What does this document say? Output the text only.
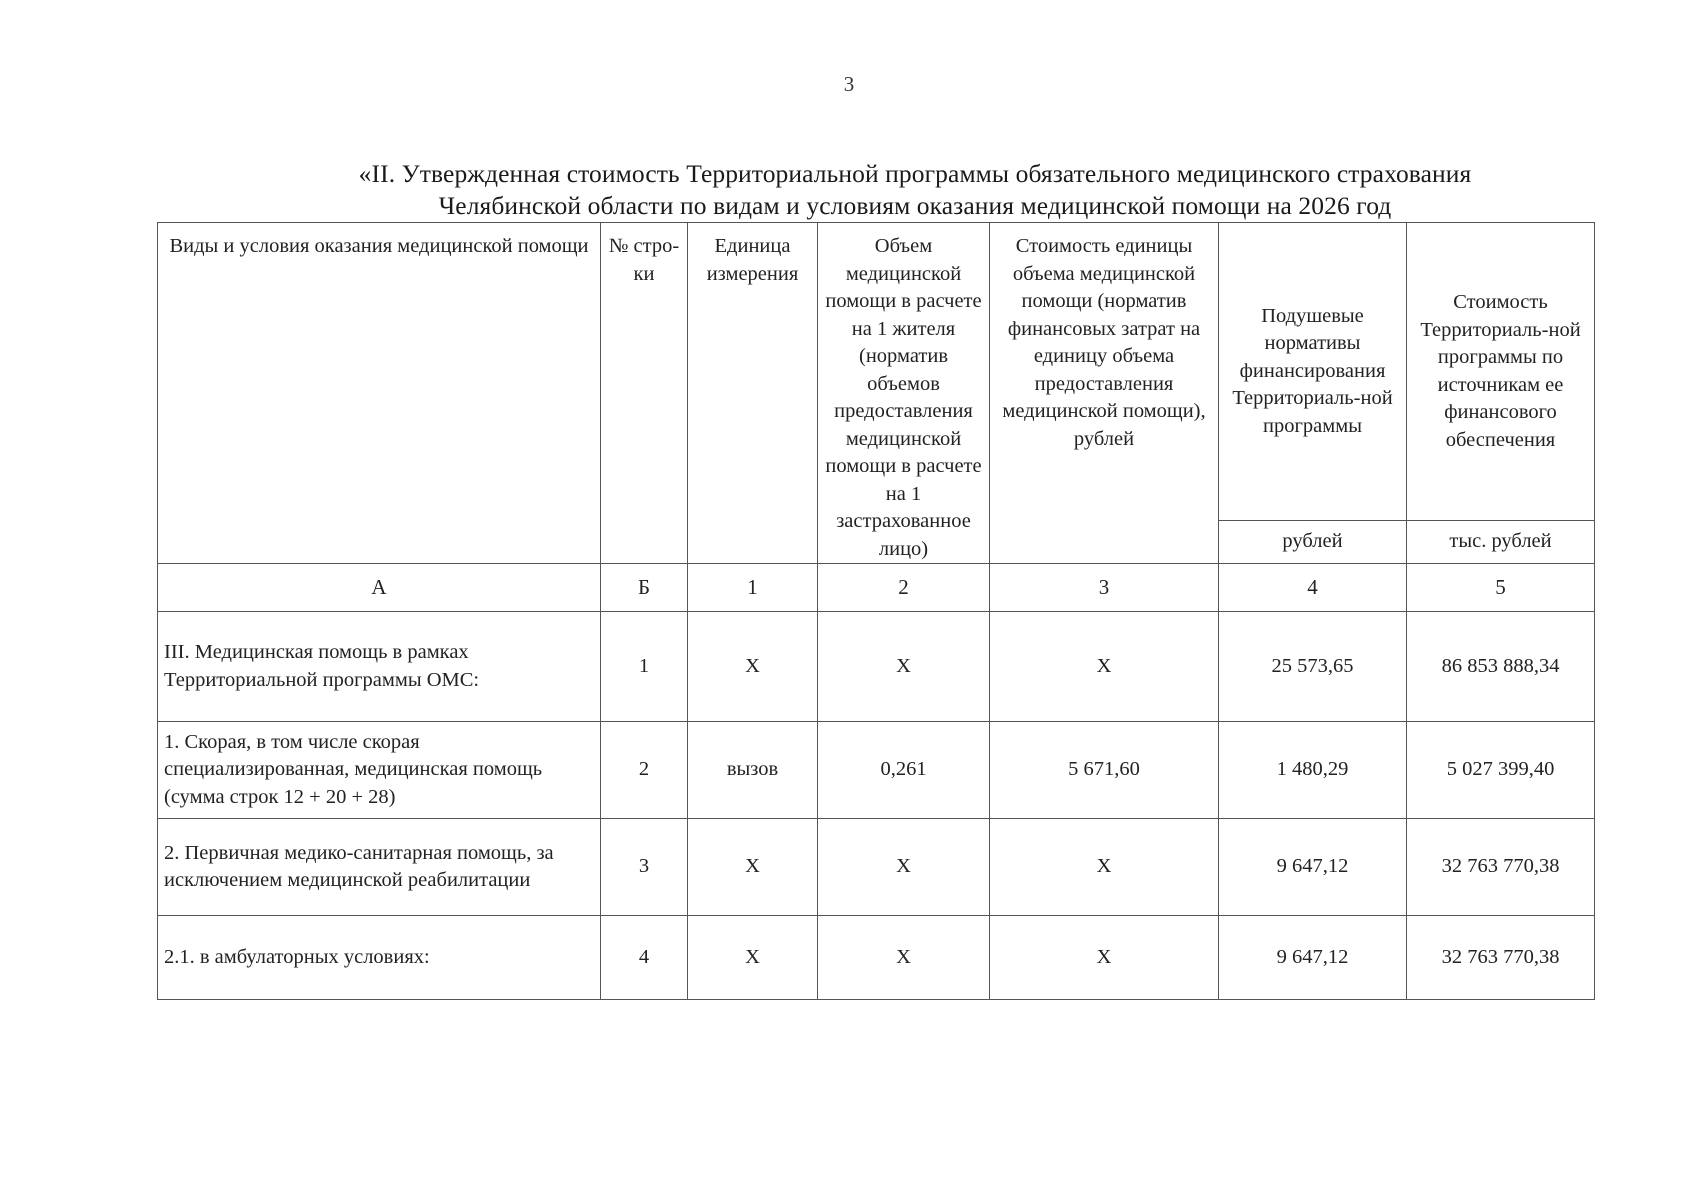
3
«II. Утвержденная стоимость Территориальной программы обязательного медицинского страхования
Челябинской области по видам и условиям оказания медицинской помощи на 2026 год
Виды и условия оказания медицинской помощи	№ стро-ки	Единица измерения	Объем медицинской помощи в расчете на 1 жителя (норматив объемов предоставления медицинской помощи в расчете на 1 застрахованное лицо)	Стоимость единицы объема медицинской помощи (норматив финансовых затрат на единицу объема предоставления медицинской помощи), рублей	Подушевые нормативы финансирования Территориаль-ной программы	Стоимость Территориаль-ной программы по источникам ее финансового обеспечения
					рублей	тыс. рублей
А	Б	1	2	3	4	5
III. Медицинская помощь в рамках Территориальной программы ОМС:	1	X	X	X	25 573,65	86 853 888,34
1. Скорая, в том числе скорая специализированная, медицинская помощь (сумма строк 12 + 20 + 28)	2	вызов	0,261	5 671,60	1 480,29	5 027 399,40
2. Первичная медико-санитарная помощь, за исключением медицинской реабилитации	3	X	X	X	9 647,12	32 763 770,38
2.1. в амбулаторных условиях:	4	X	X	X	9 647,12	32 763 770,38
